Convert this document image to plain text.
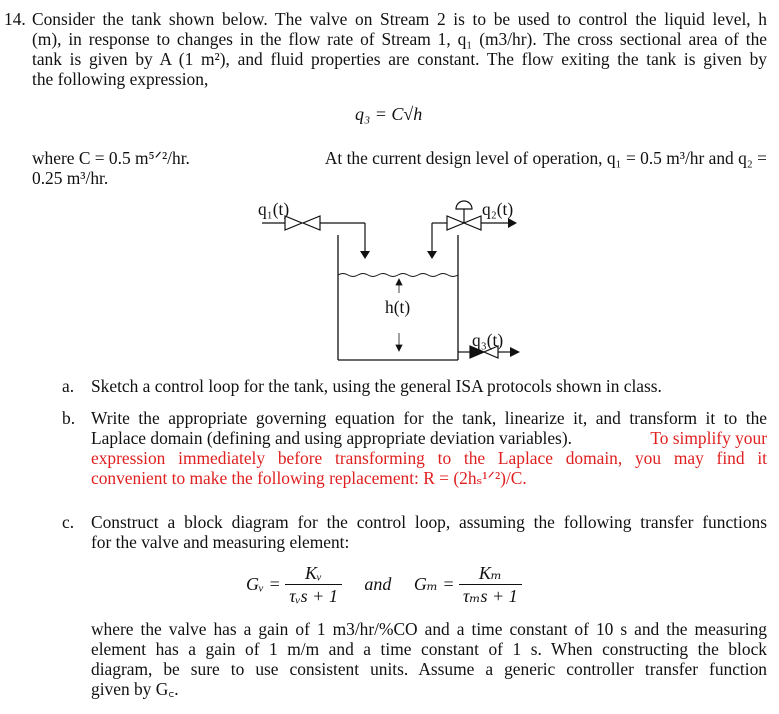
14. Consider the tank shown below. The valve on Stream 2 is to be used to control the liquid level, h
(m), in response to changes in the flow rate of Stream 1, q₁ (m3/hr). The cross sectional area of the
tank is given by A (1 m²), and fluid properties are constant. The flow exiting the tank is given by
the following expression,
q₃ = C√h
where C = 0.5 m⁵ᐟ²/hr.	At the current design level of operation, q₁ = 0.5 m³/hr and q₂ =
0.25 m³/hr.
q₁(t)	q₂(t)
h(t)
q₃(t)
a. Sketch a control loop for the tank, using the general ISA protocols shown in class.
b. Write the appropriate governing equation for the tank, linearize it, and transform it to the
Laplace domain (defining and using appropriate deviation variables).	To simplify your
expression immediately before transforming to the Laplace domain, you may find it
convenient to make the following replacement: R = (2hₛ¹ᐟ²)/C.
c. Construct a block diagram for the control loop, assuming the following transfer functions
for the valve and measuring element:
Gᵥ = $\frac{\text{Kᵥ}}{\text{τᵥs + 1}}$ and $G_m = \frac{\text{Kₘ}}{\text{τₘs + 1}}$
where the valve has a gain of 1 m3/hr/%CO and a time constant of 10 s and the measuring
element has a gain of 1 m/m and a time constant of 1 s. When constructing the block
diagram, be sure to use consistent units. Assume a generic controller transfer function
given by G꜀.
